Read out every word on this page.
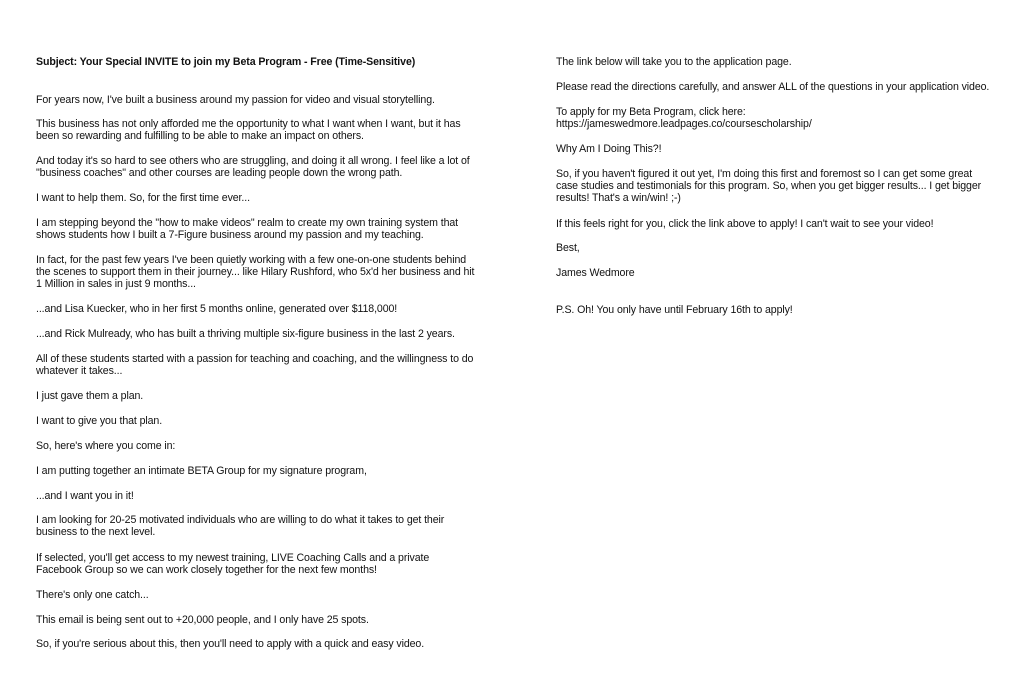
Subject: Your Special INVITE to join my Beta Program - Free (Time-Sensitive)
For years now, I've built a business around my passion for video and visual storytelling.
This business has not only afforded me the opportunity to what I want when I want, but it has
been so rewarding and fulfilling to be able to make an impact on others.
And today it's so hard to see others who are struggling, and doing it all wrong. I feel like a lot of
"business coaches" and other courses are leading people down the wrong path.
I want to help them. So, for the first time ever...
I am stepping beyond the "how to make videos" realm to create my own training system that
shows students how I built a 7-Figure business around my passion and my teaching.
In fact, for the past few years I've been quietly working with a few one-on-one students behind
the scenes to support them in their journey... like Hilary Rushford, who 5x'd her business and hit
1 Million in sales in just 9 months...
...and Lisa Kuecker, who in her first 5 months online, generated over $118,000!
...and Rick Mulready, who has built a thriving multiple six-figure business in the last 2 years.
All of these students started with a passion for teaching and coaching, and the willingness to do
whatever it takes...
I just gave them a plan.
I want to give you that plan.
So, here's where you come in:
I am putting together an intimate BETA Group for my signature program,
...and I want you in it!
I am looking for 20-25 motivated individuals who are willing to do what it takes to get their
business to the next level.
If selected, you'll get access to my newest training, LIVE Coaching Calls and a private
Facebook Group so we can work closely together for the next few months!
There's only one catch...
This email is being sent out to +20,000 people, and I only have 25 spots.
So, if you're serious about this, then you'll need to apply with a quick and easy video.
The link below will take you to the application page.
Please read the directions carefully, and answer ALL of the questions in your application video.
To apply for my Beta Program, click here:
https://jameswedmore.leadpages.co/coursescholarship/
Why Am I Doing This?!
So, if you haven't figured it out yet, I'm doing this first and foremost so I can get some great
case studies and testimonials for this program. So, when you get bigger results... I get bigger
results! That's a win/win! ;-)
If this feels right for you, click the link above to apply! I can't wait to see your video!
Best,
James Wedmore
P.S. Oh! You only have until February 16th to apply!
